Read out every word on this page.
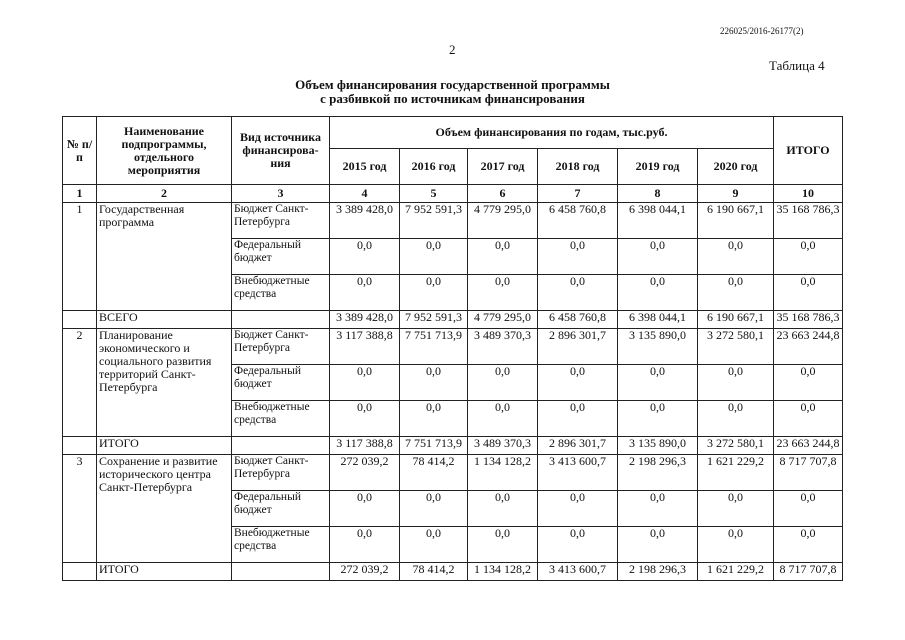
226025/2016-26177(2)
2
Таблица 4
Объем финансирования государственной программы
с разбивкой по источникам финансирования
№ п/п	Наименование подпрограммы, отдельного мероприятия	Вид источника финансирова-ния	Объем финансирования по годам, тыс.руб.						ИТОГО
			2015 год	2016 год	2017 год	2018 год	2019 год	2020 год	
1	2	3	4	5	6	7	8	9	10
1	Государственная программа	Бюджет Санкт-Петербурга	3 389 428,0	7 952 591,3	4 779 295,0	6 458 760,8	6 398 044,1	6 190 667,1	35 168 786,3
		Федеральный бюджет	0,0	0,0	0,0	0,0	0,0	0,0	0,0
		Внебюджетные средства	0,0	0,0	0,0	0,0	0,0	0,0	0,0
	ВСЕГО		3 389 428,0	7 952 591,3	4 779 295,0	6 458 760,8	6 398 044,1	6 190 667,1	35 168 786,3
2	Планирование экономического и социального развития территорий Санкт-Петербурга	Бюджет Санкт-Петербурга	3 117 388,8	7 751 713,9	3 489 370,3	2 896 301,7	3 135 890,0	3 272 580,1	23 663 244,8
		Федеральный бюджет	0,0	0,0	0,0	0,0	0,0	0,0	0,0
		Внебюджетные средства	0,0	0,0	0,0	0,0	0,0	0,0	0,0
	ИТОГО		3 117 388,8	7 751 713,9	3 489 370,3	2 896 301,7	3 135 890,0	3 272 580,1	23 663 244,8
3	Сохранение и развитие исторического центра Санкт-Петербурга	Бюджет Санкт-Петербурга	272 039,2	78 414,2	1 134 128,2	3 413 600,7	2 198 296,3	1 621 229,2	8 717 707,8
		Федеральный бюджет	0,0	0,0	0,0	0,0	0,0	0,0	0,0
		Внебюджетные средства	0,0	0,0	0,0	0,0	0,0	0,0	0,0
	ИТОГО		272 039,2	78 414,2	1 134 128,2	3 413 600,7	2 198 296,3	1 621 229,2	8 717 707,8
